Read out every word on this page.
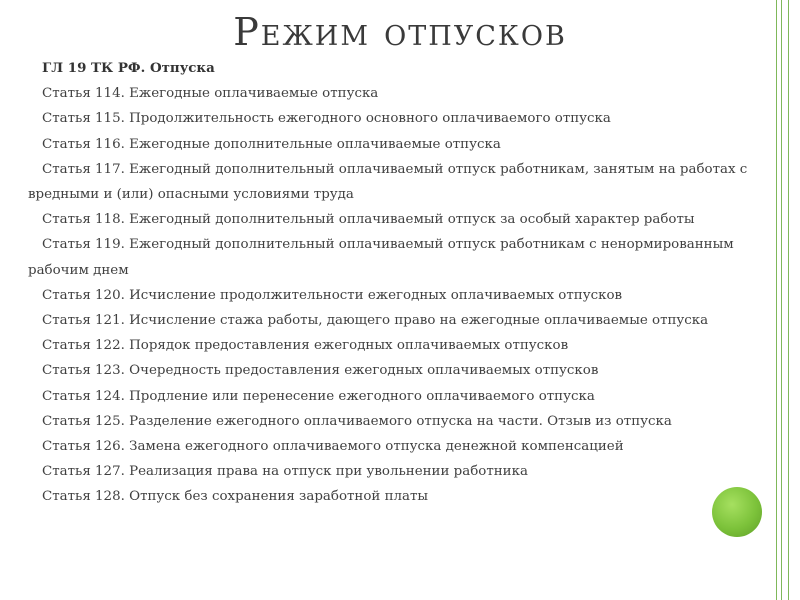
Режим отпусков
ГЛ 19 ТК РФ. Отпуска

Статья 114. Ежегодные оплачиваемые отпуска

Статья 115. Продолжительность ежегодного основного оплачиваемого отпуска

Статья 116. Ежегодные дополнительные оплачиваемые отпуска

Статья 117. Ежегодный дополнительный оплачиваемый отпуск работникам, занятым на работах с вредными и (или) опасными условиями труда

Статья 118. Ежегодный дополнительный оплачиваемый отпуск за особый характер работы

Статья 119. Ежегодный дополнительный оплачиваемый отпуск работникам с ненормированным рабочим днем

Статья 120. Исчисление продолжительности ежегодных оплачиваемых отпусков

Статья 121. Исчисление стажа работы, дающего право на ежегодные оплачиваемые отпуска

Статья 122. Порядок предоставления ежегодных оплачиваемых отпусков

Статья 123. Очередность предоставления ежегодных оплачиваемых отпусков

Статья 124. Продление или перенесение ежегодного оплачиваемого отпуска

Статья 125. Разделение ежегодного оплачиваемого отпуска на части. Отзыв из отпуска

Статья 126. Замена ежегодного оплачиваемого отпуска денежной компенсацией

Статья 127. Реализация права на отпуск при увольнении работника

Статья 128. Отпуск без сохранения заработной платы
